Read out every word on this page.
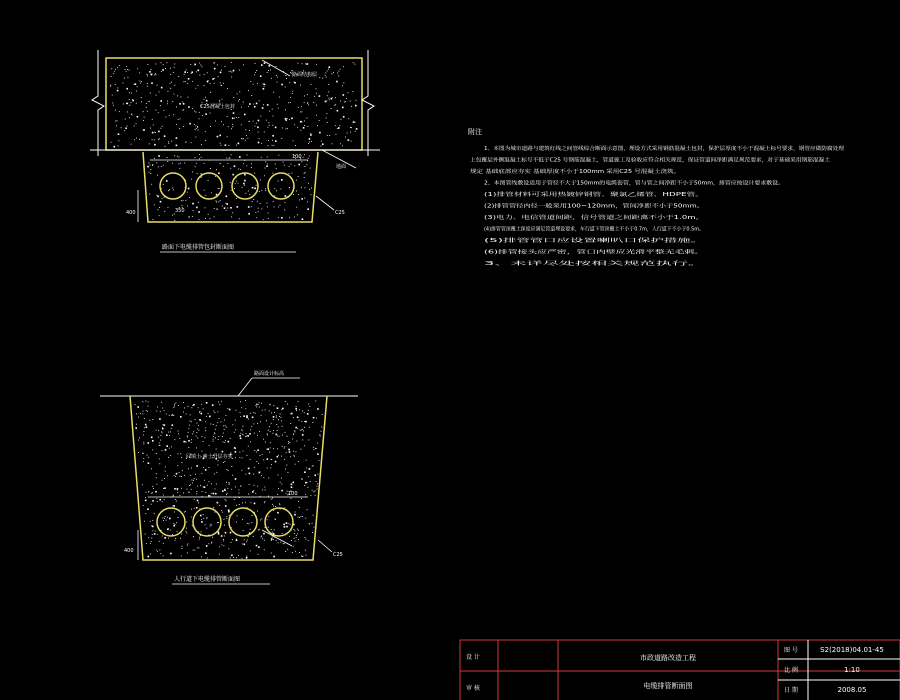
路面结构层
地面
C25
C25混凝土包封
400
100
350
路面下电缆排管包封断面图
路面设计标高
回填土 素土分层夯实
400
100
C25
人行道下电缆排管断面图
附注
1、本图为城市道路与建筑红线之间管线综合断面示意图，埋设方式采用钢筋混凝土包封，保护层厚度不小于混凝土标号要求，钢管应做防腐处理
上包覆层外侧混凝土标号不低于C25 号钢筋混凝土，管道施工及验收应符合相关规范，保证管道间净距满足规范要求，对于基础采用钢筋混凝土
规定 基础底部应夯实 基础厚度不小于100mm 采用C25 号混凝土浇筑。
2、本图管线敷设适用于管径不大于150mm的电缆套管，管与管之间净距不小于50mm，排管应按设计要求敷设。
(1)排管材料可采用热镀锌钢管、聚氯乙烯管、HDPE管。
(2)排管管径内径一般采用100~120mm，管间净距不小于50mm。
(3)电力、电信管道间距，信号管道之间距离不小于1.0m。
(4)排管管顶覆土深度应满足管道埋设要求，车行道下管顶覆土不小于0.7m，人行道下不小于0.5m。
(5)排管管口应设置喇叭口保护措施。
(6)排管接头应严密，管口内壁应光滑平整无毛刺。
3、未详尽处按相关规范执行。
设 计
审 核
市政道路改造工程
电缆排管断面图
图 号	S2(2018)04.01-45
比 例	1:10
日 期	2008.05
